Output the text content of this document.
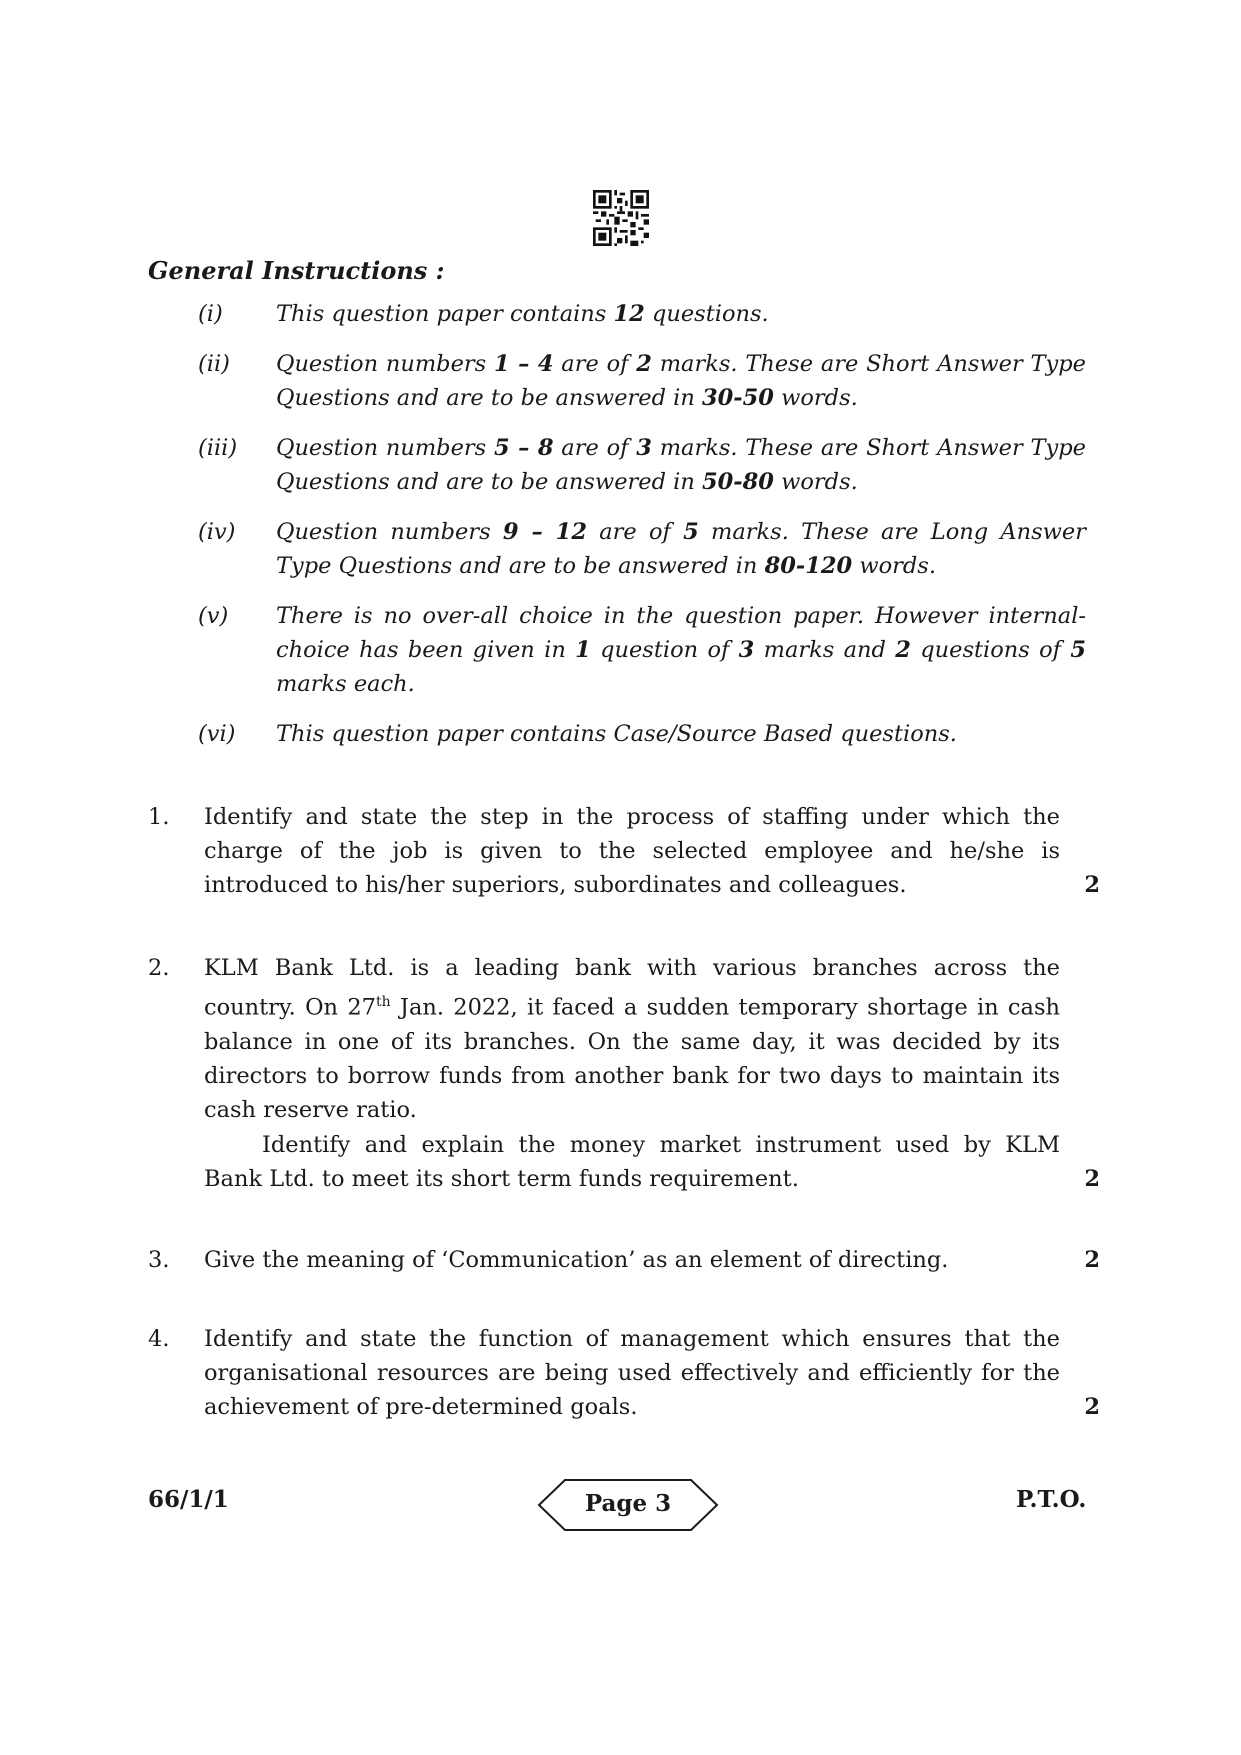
General Instructions :
(i) This question paper contains 12 questions.
(ii) Question numbers 1 – 4 are of 2 marks. These are Short Answer Type Questions and are to be answered in 30-50 words.
(iii) Question numbers 5 – 8 are of 3 marks. These are Short Answer Type Questions and are to be answered in 50-80 words.
(iv) Question numbers 9 – 12 are of 5 marks. These are Long Answer Type Questions and are to be answered in 80-120 words.
(v) There is no over-all choice in the question paper. However internal-choice has been given in 1 question of 3 marks and 2 questions of 5 marks each.
(vi) This question paper contains Case/Source Based questions.
1. Identify and state the step in the process of staffing under which the charge of the job is given to the selected employee and he/she is introduced to his/her superiors, subordinates and colleagues.	2
2. KLM Bank Ltd. is a leading bank with various branches across the country. On 27th Jan. 2022, it faced a sudden temporary shortage in cash balance in one of its branches. On the same day, it was decided by its directors to borrow funds from another bank for two days to maintain its cash reserve ratio.
Identify and explain the money market instrument used by KLM Bank Ltd. to meet its short term funds requirement.	2
3. Give the meaning of ‘Communication’ as an element of directing.	2
4. Identify and state the function of management which ensures that the organisational resources are being used effectively and efficiently for the achievement of pre-determined goals.	2
66/1/1	Page 3	P.T.O.
